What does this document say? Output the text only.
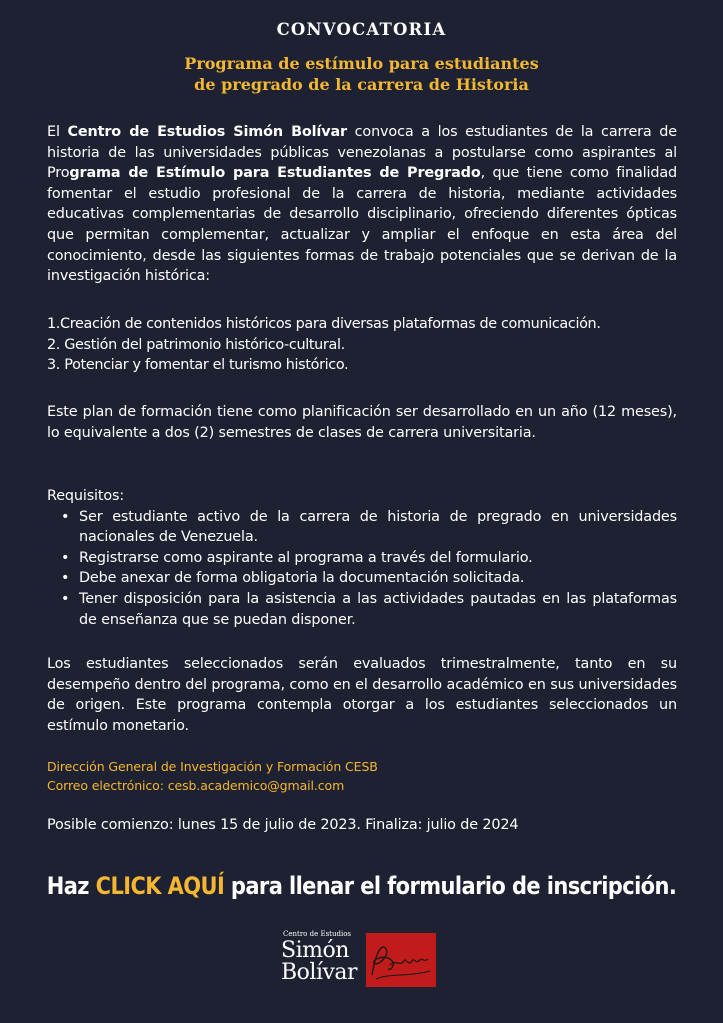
CONVOCATORIA
Programa de estímulo para estudiantes
de pregrado de la carrera de Historia
El Centro de Estudios Simón Bolívar convoca a los estudiantes de la carrera de historia de las universidades públicas venezolanas a postularse como aspirantes al Programa de Estímulo para Estudiantes de Pregrado, que tiene como finalidad fomentar el estudio profesional de la carrera de historia, mediante actividades educativas complementarias de desarrollo disciplinario, ofreciendo diferentes ópticas que permitan complementar, actualizar y ampliar el enfoque en esta área del conocimiento, desde las siguientes formas de trabajo potenciales que se derivan de la investigación histórica:
1.Creación de contenidos históricos para diversas plataformas de comunicación.
2. Gestión del patrimonio histórico-cultural.
3. Potenciar y fomentar el turismo histórico.
Este plan de formación tiene como planificación ser desarrollado en un año (12 meses), lo equivalente a dos (2) semestres de clases de carrera universitaria.
Requisitos:
• Ser estudiante activo de la carrera de historia de pregrado en universidades nacionales de Venezuela.
• Registrarse como aspirante al programa a través del formulario.
• Debe anexar de forma obligatoria la documentación solicitada.
• Tener disposición para la asistencia a las actividades pautadas en las plataformas de enseñanza que se puedan disponer.
Los estudiantes seleccionados serán evaluados trimestralmente, tanto en su desempeño dentro del programa, como en el desarrollo académico en sus universidades de origen. Este programa contempla otorgar a los estudiantes seleccionados un estímulo monetario.
Dirección General de Investigación y Formación CESB
Correo electrónico: cesb.academico@gmail.com
Posible comienzo: lunes 15 de julio de 2023. Finaliza: julio de 2024
Haz CLICK AQUÍ para llenar el formulario de inscripción.
Centro de Estudios
Simón
Bolívar
